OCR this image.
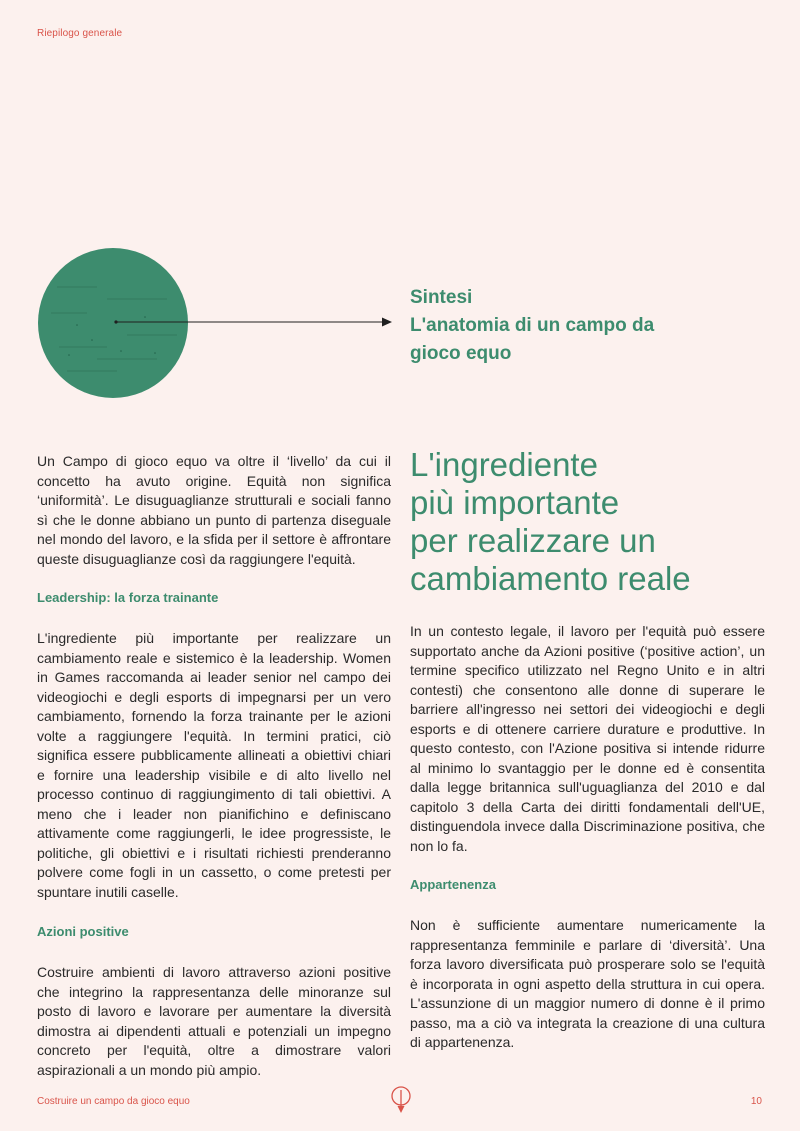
Riepilogo generale
Sintesi
L'anatomia di un campo da
gioco equo

Un Campo di gioco equo va oltre il ‘livello’ da cui il concetto ha avuto origine. Equità non significa ‘uniformità’. Le disuguaglianze strutturali e sociali fanno sì che le donne abbiano un punto di partenza diseguale nel mondo del lavoro, e la sfida per il settore è affrontare queste disuguaglianze così da raggiungere l'equità.

Leadership: la forza trainante

L'ingrediente più importante per realizzare un cambiamento reale e sistemico è la leadership. Women in Games raccomanda ai leader senior nel campo dei videogiochi e degli esports di impegnarsi per un vero cambiamento, fornendo la forza trainante per le azioni volte a raggiungere l'equità. In termini pratici, ciò significa essere pubblicamente allineati a obiettivi chiari e fornire una leadership visibile e di alto livello nel processo continuo di raggiungimento di tali obiettivi. A meno che i leader non pianifichino e definiscano attivamente come raggiungerli, le idee progressiste, le politiche, gli obiettivi e i risultati richiesti prenderanno polvere come fogli in un cassetto, o come pretesti per spuntare inutili caselle.

Azioni positive

Costruire ambienti di lavoro attraverso azioni positive che integrino la rappresentanza delle minoranze sul posto di lavoro e lavorare per aumentare la diversità dimostra ai dipendenti attuali e potenziali un impegno concreto per l'equità, oltre a dimostrare valori aspirazionali a un mondo più ampio.

L'ingrediente
più importante
per realizzare un
cambiamento reale

In un contesto legale, il lavoro per l'equità può essere supportato anche da Azioni positive (‘positive action’, un termine specifico utilizzato nel Regno Unito e in altri contesti) che consentono alle donne di superare le barriere all'ingresso nei settori dei videogiochi e degli esports e di ottenere carriere durature e produttive. In questo contesto, con l'Azione positiva si intende ridurre al minimo lo svantaggio per le donne ed è consentita dalla legge britannica sull'uguaglianza del 2010 e dal capitolo 3 della Carta dei diritti fondamentali dell'UE, distinguendola invece dalla Discriminazione positiva, che non lo fa.

Appartenenza

Non è sufficiente aumentare numericamente la rappresentanza femminile e parlare di ‘diversità’. Una forza lavoro diversificata può prosperare solo se l'equità è incorporata in ogni aspetto della struttura in cui opera. L'assunzione di un maggior numero di donne è il primo passo, ma a ciò va integrata la creazione di una cultura di appartenenza.

Costruire un campo da gioco equo	10
